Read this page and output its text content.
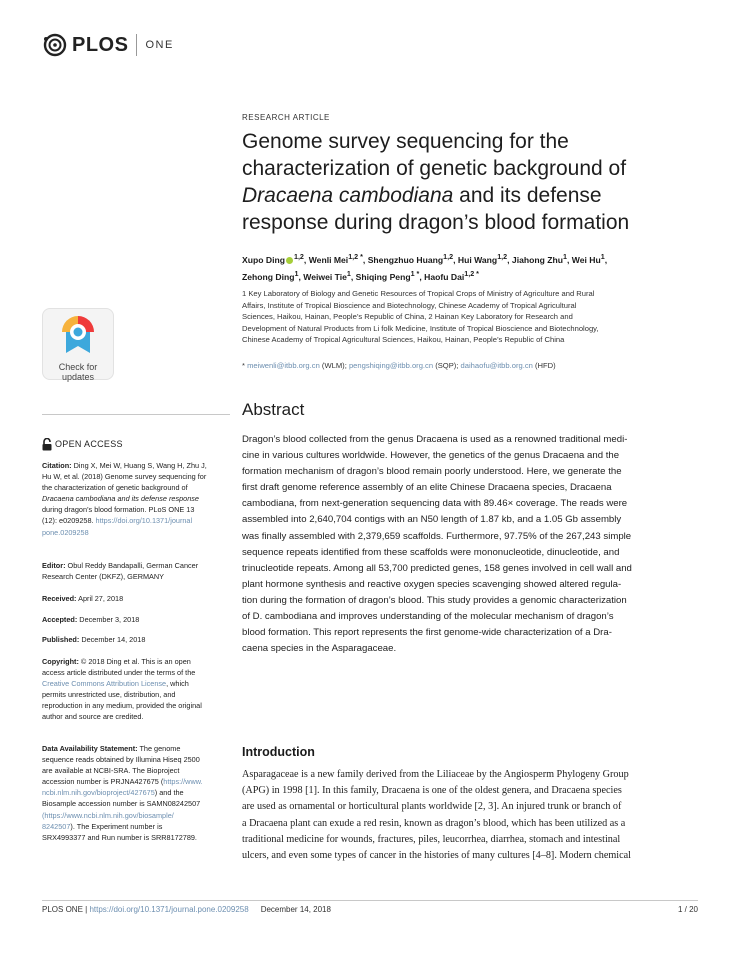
PLOS ONE
Check for
updates
OPEN ACCESS
Citation: Ding X, Mei W, Huang S, Wang H, Zhu J,
Hu W, et al. (2018) Genome survey sequencing for
the characterization of genetic background of
Dracaena cambodiana and its defense response
during dragon’s blood formation. PLoS ONE 13
(12): e0209258. https://doi.org/10.1371/journal
pone.0209258
Editor: Obul Reddy Bandapalli, German Cancer
Research Center (DKFZ), GERMANY
Received: April 27, 2018
Accepted: December 3, 2018
Published: December 14, 2018
Copyright: © 2018 Ding et al. This is an open
access article distributed under the terms of the
Creative Commons Attribution License, which
permits unrestricted use, distribution, and
reproduction in any medium, provided the original
author and source are credited.
Data Availability Statement: The genome
sequence reads obtained by Illumina Hiseq 2500
are available at NCBI-SRA. The Bioproject
accession number is PRJNA427675 (https://www.
ncbi.nlm.nih.gov/bioproject/427675) and the
Biosample accession number is SAMN08242507
(https://www.ncbi.nlm.nih.gov/biosample/
8242507). The Experiment number is
SRX4993377 and Run number is SRR8172789.
RESEARCH ARTICLE
Genome survey sequencing for the
characterization of genetic background of
Dracaena cambodiana and its defense
response during dragon’s blood formation
Xupo Ding $^{1,2}$, Wenli Mei$^{1,2 *}$, Shengzhuo Huang$^{1,2}$, Hui Wang$^{1,2}$, Jiahong Zhu$^1$, Wei Hu$^1$,
Zehong Ding$^1$, Weiwei Tie$^1$, Shiqing Peng$^{1 *}$, Haofu Dai$^{1,2 *}$
1 Key Laboratory of Biology and Genetic Resources of Tropical Crops of Ministry of Agriculture and Rural
Affairs, Institute of Tropical Bioscience and Biotechnology, Chinese Academy of Tropical Agricultural
Sciences, Haikou, Hainan, People’s Republic of China, 2 Hainan Key Laboratory for Research and
Development of Natural Products from Li folk Medicine, Institute of Tropical Bioscience and Biotechnology,
Chinese Academy of Tropical Agricultural Sciences, Haikou, Hainan, People’s Republic of China
* meiwenli@itbb.org.cn (WLM); pengshiqing@itbb.org.cn (SQP); daihaofu@itbb.org.cn (HFD)
Abstract
Dragon’s blood collected from the genus Dracaena is used as a renowned traditional medi-
cine in various cultures worldwide. However, the genetics of the genus Dracaena and the
formation mechanism of dragon’s blood remain poorly understood. Here, we generate the
first draft genome reference assembly of an elite Chinese Dracaena species, Dracaena
cambodiana, from next-generation sequencing data with 89.46× coverage. The reads were
assembled into 2,640,704 contigs with an N50 length of 1.87 kb, and a 1.05 Gb assembly
was finally assembled with 2,379,659 scaffolds. Furthermore, 97.75% of the 267,243 simple
sequence repeats identified from these scaffolds were mononucleotide, dinucleotide, and
trinucleotide repeats. Among all 53,700 predicted genes, 158 genes involved in cell wall and
plant hormone synthesis and reactive oxygen species scavenging showed altered regula-
tion during the formation of dragon’s blood. This study provides a genomic characterization
of D. cambodiana and improves understanding of the molecular mechanism of dragon’s
blood formation. This report represents the first genome-wide characterization of a Dra-
caena species in the Asparagaceae.
Introduction
Asparagaceae is a new family derived from the Liliaceae by the Angiosperm Phylogeny Group
(APG) in 1998 [1]. In this family, Dracaena is one of the oldest genera, and Dracaena species
are used as ornamental or horticultural plants worldwide [2, 3]. An injured trunk or branch of
a Dracaena plant can exude a red resin, known as dragon’s blood, which has been utilized as a
traditional medicine for wounds, fractures, piles, leucorrhea, diarrhea, stomach and intestinal
ulcers, and even some types of cancer in the histories of many cultures [4–8]. Modern chemical
PLOS ONE | https://doi.org/10.1371/journal.pone.0209258 December 14, 2018	1 / 20
